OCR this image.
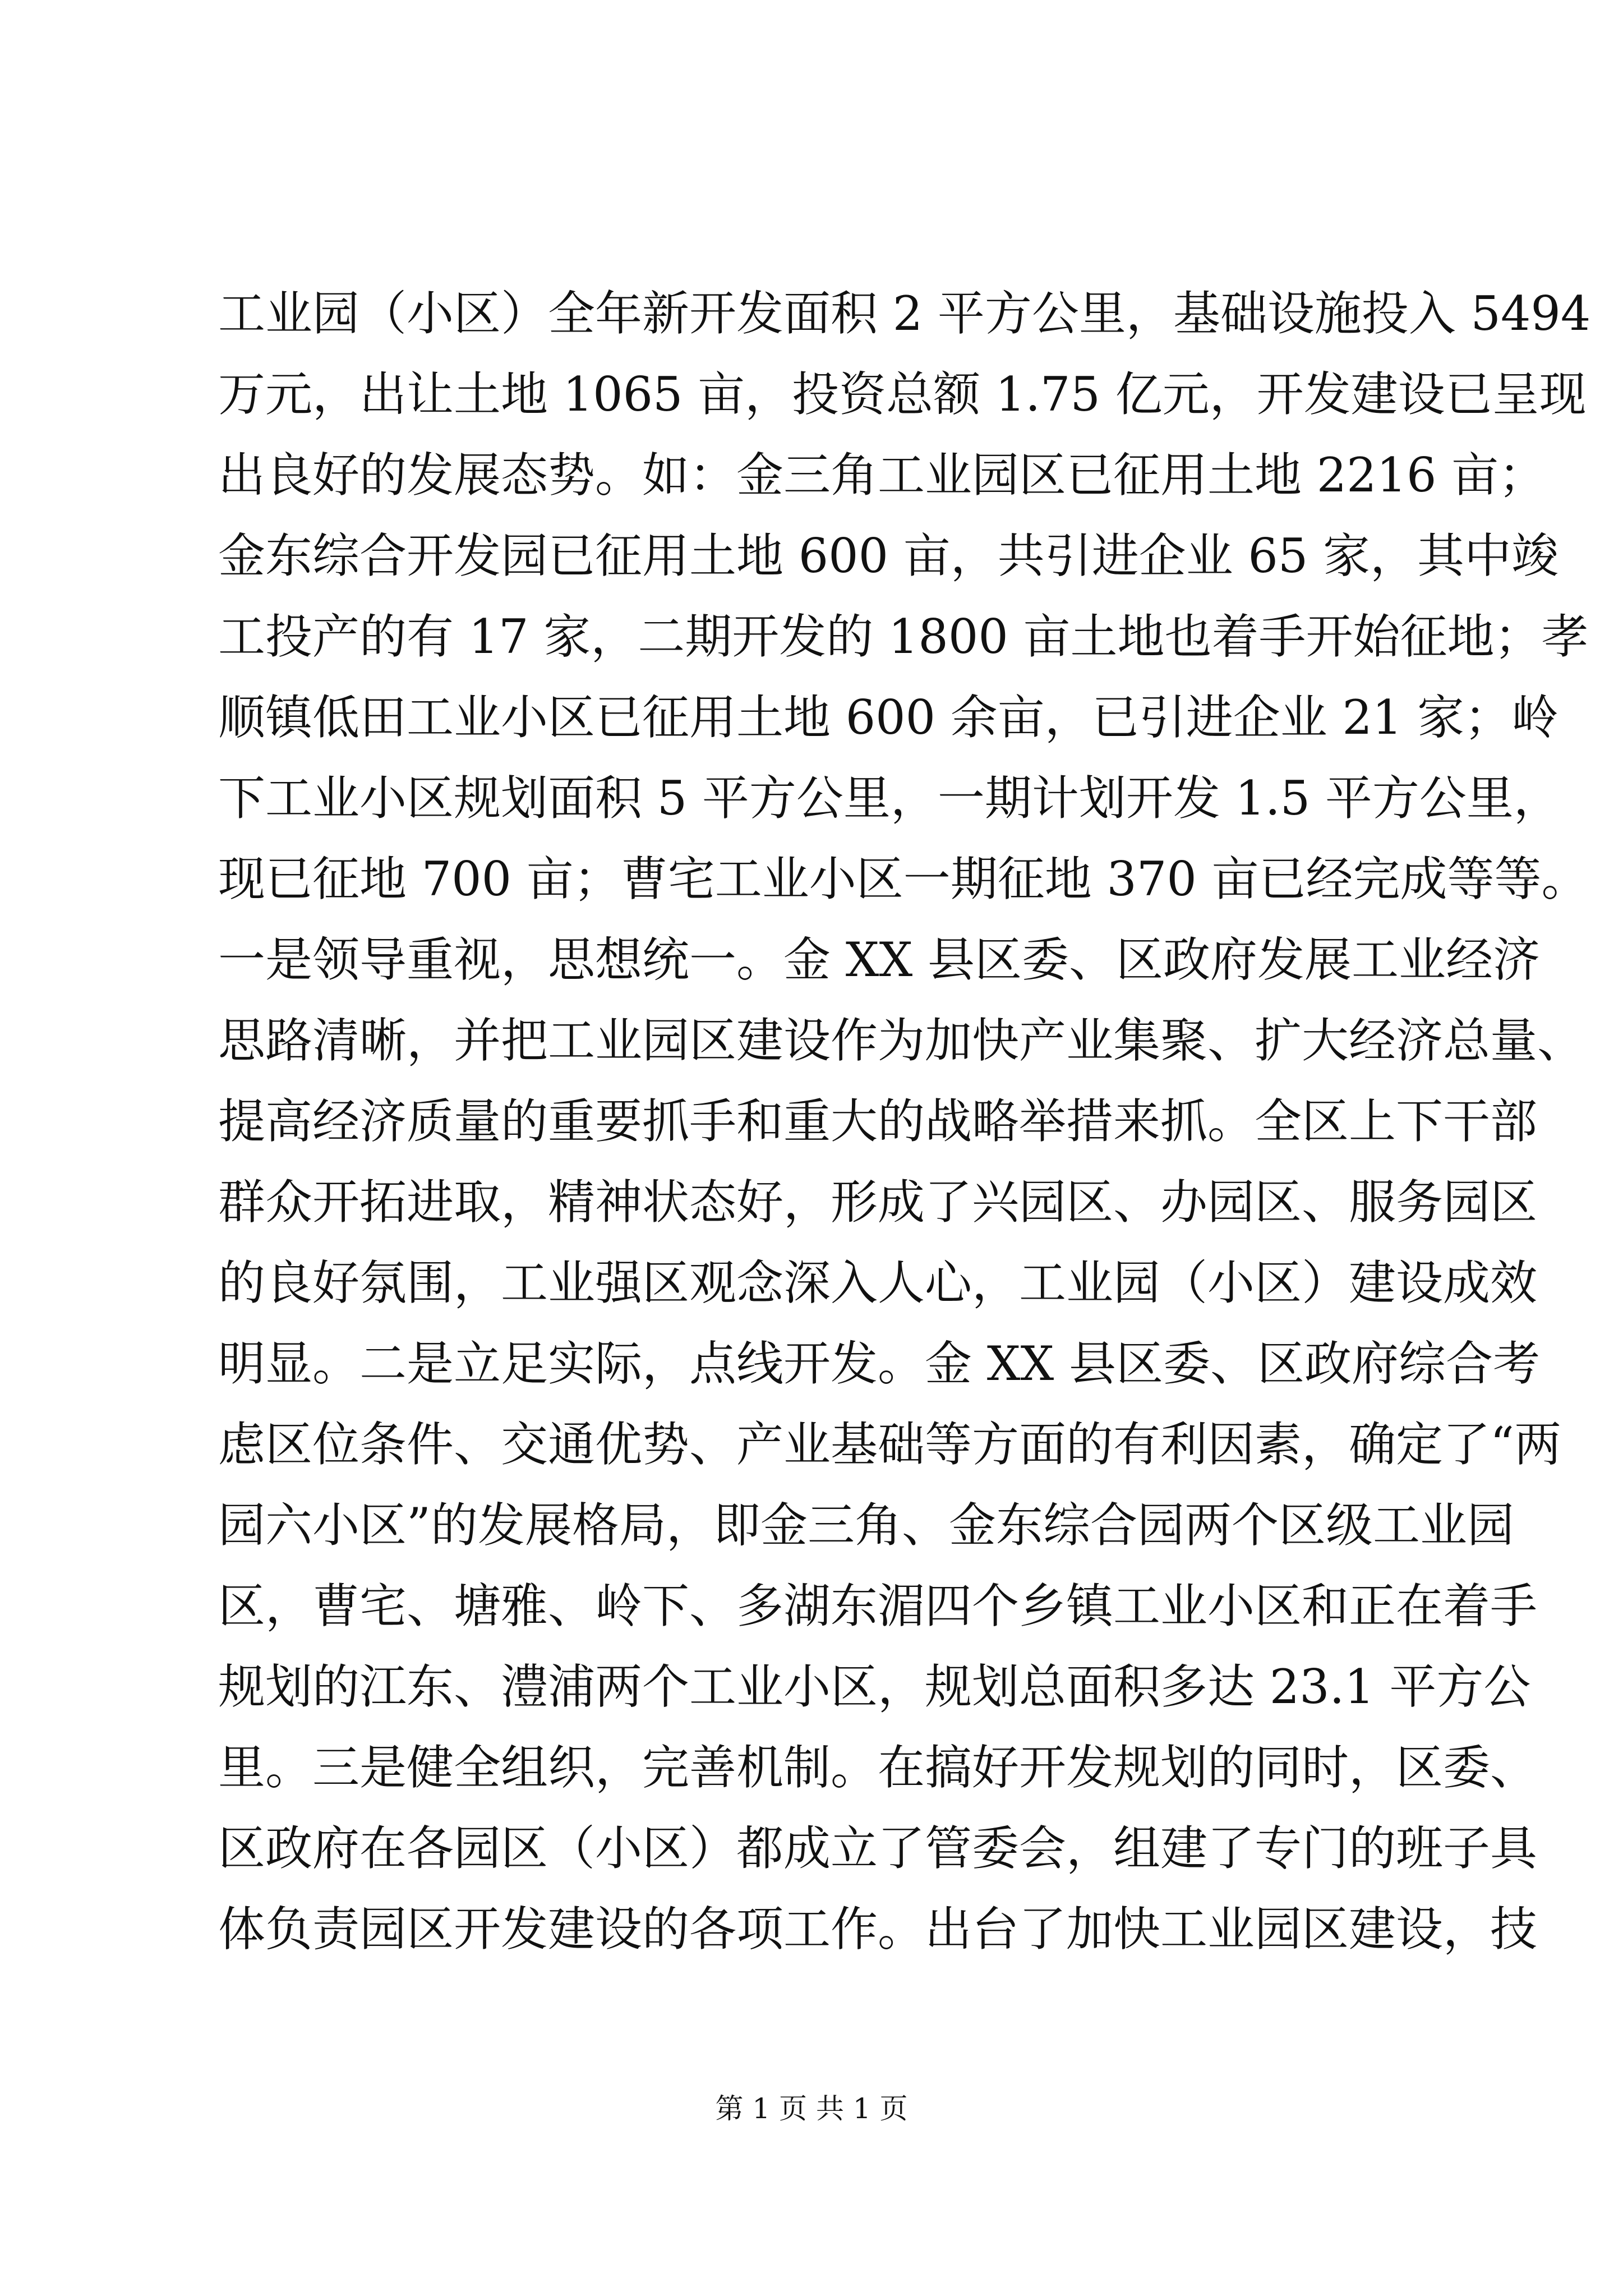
工业园（小区）全年新开发面积 2 平方公里，基础设施投入 5494
万元，出让土地 1065 亩，投资总额 1.75 亿元，开发建设已呈现
出良好的发展态势。如：金三角工业园区已征用土地 2216 亩；
金东综合开发园已征用土地 600 亩，共引进企业 65 家，其中竣
工投产的有 17 家，二期开发的 1800 亩土地也着手开始征地；孝
顺镇低田工业小区已征用土地 600 余亩，已引进企业 21 家；岭
下工业小区规划面积 5 平方公里，一期计划开发 1.5 平方公里，
现已征地 700 亩；曹宅工业小区一期征地 370 亩已经完成等等。
一是领导重视，思想统一。金 XX 县区委、区政府发展工业经济
思路清晰，并把工业园区建设作为加快产业集聚、扩大经济总量、
提高经济质量的重要抓手和重大的战略举措来抓。全区上下干部
群众开拓进取，精神状态好，形成了兴园区、办园区、服务园区
的良好氛围，工业强区观念深入人心，工业园（小区）建设成效
明显。二是立足实际，点线开发。金 XX 县区委、区政府综合考
虑区位条件、交通优势、产业基础等方面的有利因素，确定了“两
园六小区”的发展格局，即金三角、金东综合园两个区级工业园
区，曹宅、塘雅、岭下、多湖东湄四个乡镇工业小区和正在着手
规划的江东、澧浦两个工业小区，规划总面积多达 23.1 平方公
里。三是健全组织，完善机制。在搞好开发规划的同时，区委、
区政府在各园区（小区）都成立了管委会，组建了专门的班子具
体负责园区开发建设的各项工作。出台了加快工业园区建设，技
第 1 页 共 1 页
